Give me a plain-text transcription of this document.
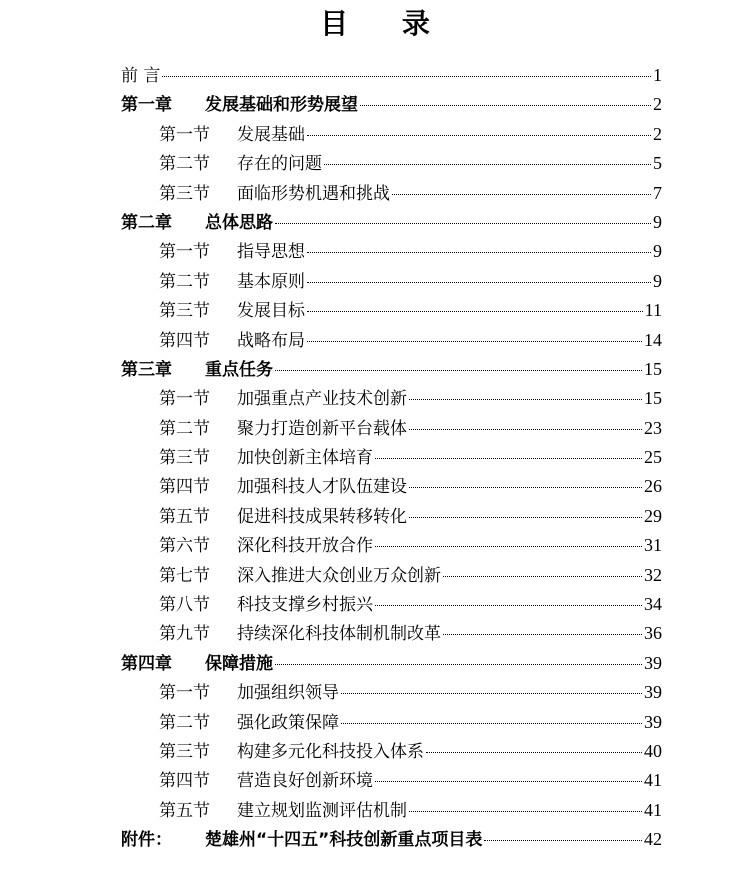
目 录
前 言	1
第一章 发展基础和形势展望	2
第一节 发展基础	2
第二节 存在的问题	5
第三节 面临形势机遇和挑战	7
第二章 总体思路	9
第一节 指导思想	9
第二节 基本原则	9
第三节 发展目标	11
第四节 战略布局	14
第三章 重点任务	15
第一节 加强重点产业技术创新	15
第二节 聚力打造创新平台载体	23
第三节 加快创新主体培育	25
第四节 加强科技人才队伍建设	26
第五节 促进科技成果转移转化	29
第六节 深化科技开放合作	31
第七节 深入推进大众创业万众创新	32
第八节 科技支撑乡村振兴	34
第九节 持续深化科技体制机制改革	36
第四章 保障措施	39
第一节 加强组织领导	39
第二节 强化政策保障	39
第三节 构建多元化科技投入体系	40
第四节 营造良好创新环境	41
第五节 建立规划监测评估机制	41
附件： 楚雄州“十四五”科技创新重点项目表	42
